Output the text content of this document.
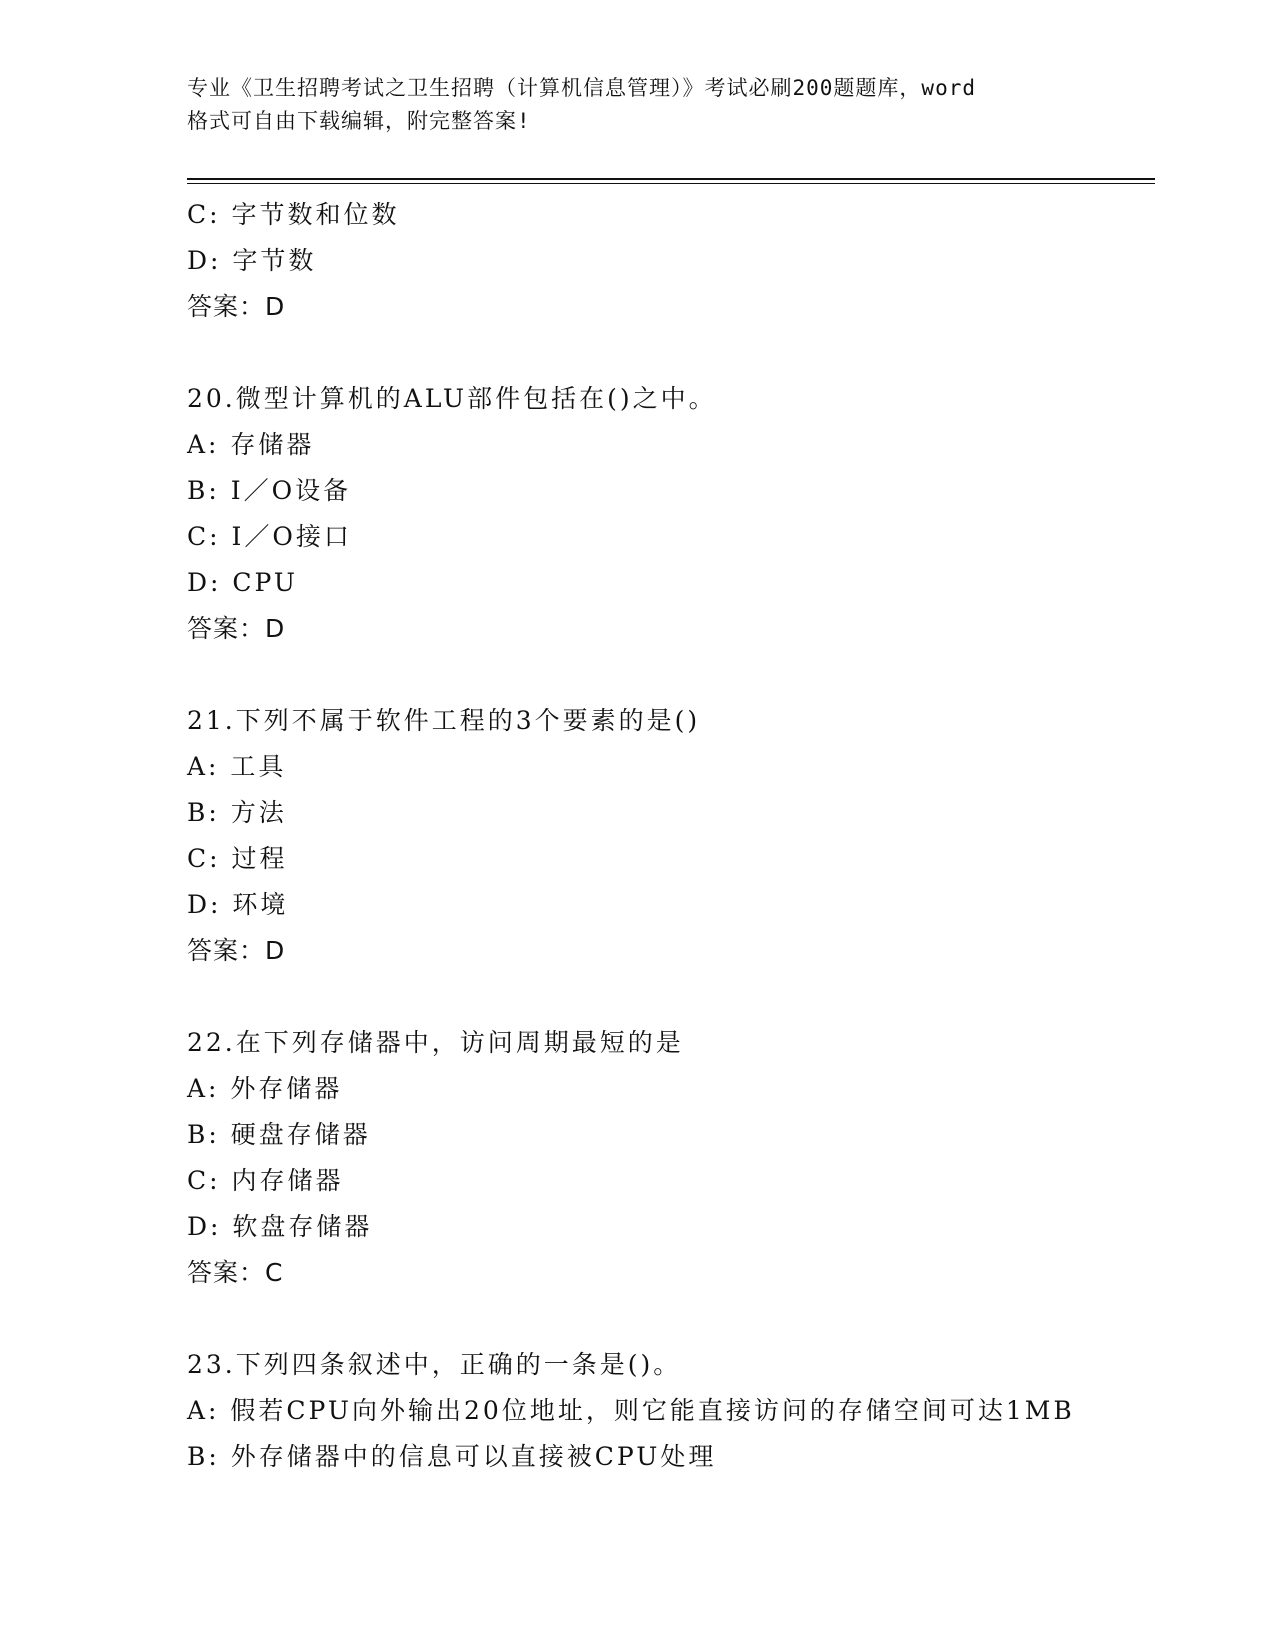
专业《卫生招聘考试之卫生招聘（计算机信息管理）》考试必刷200题题库，word
格式可自由下载编辑，附完整答案!
C: 字节数和位数
D: 字节数
答案：D
20.微型计算机的ALU部件包括在()之中。
A: 存储器
B: I／O设备
C: I／O接口
D: CPU
答案：D
21.下列不属于软件工程的3个要素的是()
A: 工具
B: 方法
C: 过程
D: 环境
答案：D
22.在下列存储器中，访问周期最短的是
A: 外存储器
B: 硬盘存储器
C: 内存储器
D: 软盘存储器
答案：C
23.下列四条叙述中，正确的一条是()。
A: 假若CPU向外输出20位地址，则它能直接访问的存储空间可达1MB
B: 外存储器中的信息可以直接被CPU处理
